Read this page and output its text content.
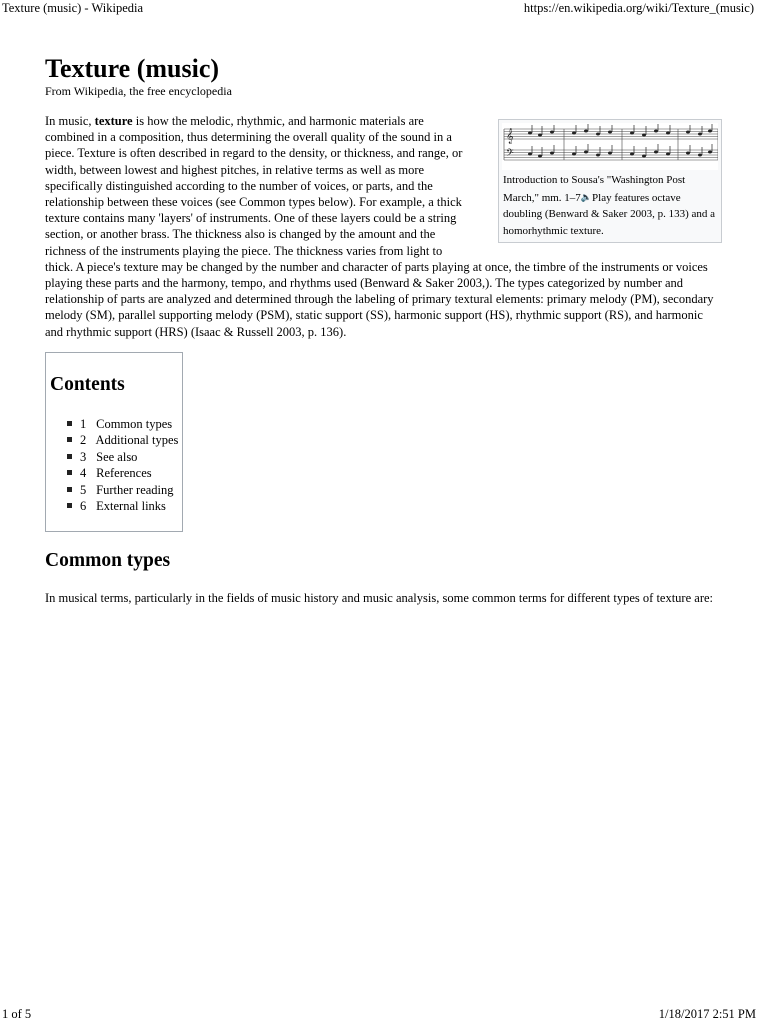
Texture (music) - Wikipedia	https://en.wikipedia.org/wiki/Texture_(music)
Texture (music)
From Wikipedia, the free encyclopedia

𝄞
𝄢
Introduction to Sousa's "Washington Post March," mm. 1–7🔈Play features octave doubling (Benward & Saker 2003, p. 133) and a homorhythmic texture.
In music, texture is how the melodic, rhythmic, and harmonic materials are combined in a composition, thus determining the overall quality of the sound in a piece. Texture is often described in regard to the density, or thickness, and range, or width, between lowest and highest pitches, in relative terms as well as more specifically distinguished according to the number of voices, or parts, and the relationship between these voices (see Common types below). For example, a thick texture contains many 'layers' of instruments. One of these layers could be a string section, or another brass. The thickness also is changed by the amount and the richness of the instruments playing the piece. The thickness varies from light to thick. A piece's texture may be changed by the number and character of parts playing at once, the timbre of the instruments or voices playing these parts and the harmony, tempo, and rhythms used (Benward & Saker 2003,). The types categorized by number and relationship of parts are analyzed and determined through the labeling of primary textural elements: primary melody (PM), secondary melody (SM), parallel supporting melody (PSM), static support (SS), harmonic support (HS), rhythmic support (RS), and harmonic and rhythmic support (HRS) (Isaac & Russell 2003, p. 136).

Contents
1 Common types
2 Additional types
3 See also
4 References
5 Further reading
6 External links
Common types

In musical terms, particularly in the fields of music history and music analysis, some common terms for different types of texture are:

1 of 5	1/18/2017 2:51 PM
